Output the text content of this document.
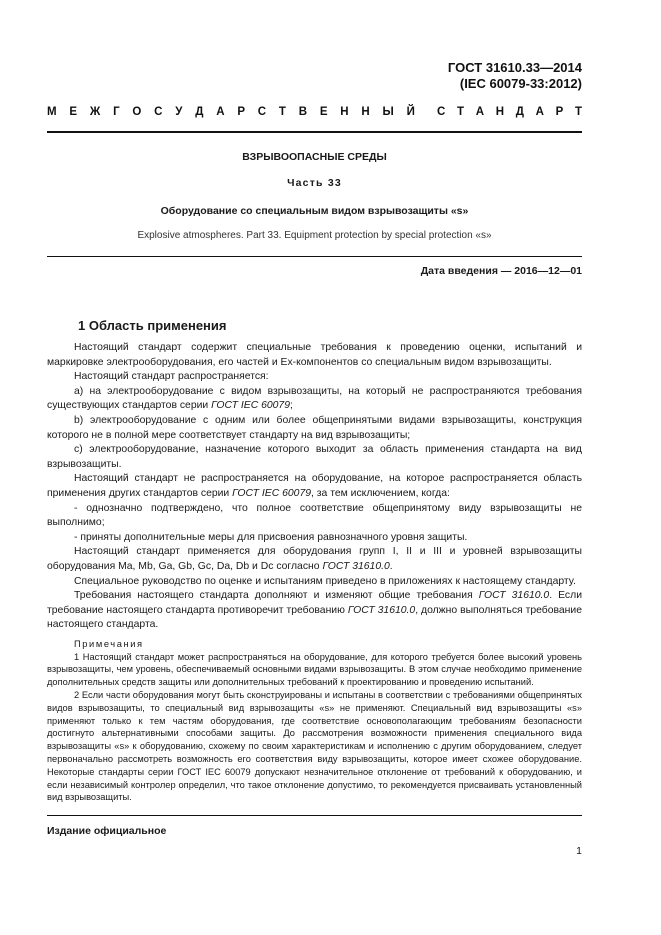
ГОСТ 31610.33—2014
(IEC 60079-33:2012)
М Е Ж Г О С У Д А Р С Т В Е Н Н Ы Й С Т А Н Д А Р Т
ВЗРЫВООПАСНЫЕ СРЕДЫ
Часть 33
Оборудование со специальным видом взрывозащиты «s»
Explosive atmospheres. Part 33. Equipment protection by special protection «s»
Дата введения — 2016—12—01
1 Область применения

Настоящий стандарт содержит специальные требования к проведению оценки, испытаний и маркировке электрооборудования, его частей и Ex-компонентов со специальным видом взрывозащиты.

Настоящий стандарт распространяется:

а) на электрооборудование с видом взрывозащиты, на который не распространяются требования существующих стандартов серии ГОСТ IEC 60079;

b) электрооборудование с одним или более общепринятыми видами взрывозащиты, конструкция которого не в полной мере соответствует стандарту на вид взрывозащиты;

c) электрооборудование, назначение которого выходит за область применения стандарта на вид взрывозащиты.

Настоящий стандарт не распространяется на оборудование, на которое распространяется область применения других стандартов серии ГОСТ IEC 60079, за тем исключением, когда:

- однозначно подтверждено, что полное соответствие общепринятому виду взрывозащиты не выполнимо;

- приняты дополнительные меры для присвоения равнозначного уровня защиты.

Настоящий стандарт применяется для оборудования групп I, II и III и уровней взрывозащиты оборудования Ma, Mb, Ga, Gb, Gc, Da, Db и Dc согласно ГОСТ 31610.0.

Специальное руководство по оценке и испытаниям приведено в приложениях к настоящему стандарту.

Требования настоящего стандарта дополняют и изменяют общие требования ГОСТ 31610.0. Если требование настоящего стандарта противоречит требованию ГОСТ 31610.0, должно выполняться требование настоящего стандарта.

Примечания

1 Настоящий стандарт может распространяться на оборудование, для которого требуется более высокий уровень взрывозащиты, чем уровень, обеспечиваемый основными видами взрывозащиты. В этом случае необходимо применение дополнительных средств защиты или дополнительных требований к проектированию и проведению испытаний.

2 Если части оборудования могут быть сконструированы и испытаны в соответствии с требованиями общепринятых видов взрывозащиты, то специальный вид взрывозащиты «s» не применяют. Специальный вид взрывозащиты «s» применяют только к тем частям оборудования, где соответствие основополагающим требованиям безопасности достигнуто альтернативными способами защиты. До рассмотрения возможности применения специального вида взрывозащиты «s» к оборудованию, схожему по своим характеристикам и исполнению с другим оборудованием, следует первоначально рассмотреть возможность его соответствия виду взрывозащиты, которое имеет схожее оборудование. Некоторые стандарты серии ГОСТ IEC 60079 допускают незначительное отклонение от требований к оборудованию, и если независимый контролер определил, что такое отклонение допустимо, то рекомендуется присваивать установленный вид взрывозащиты.

Издание официальное
1
